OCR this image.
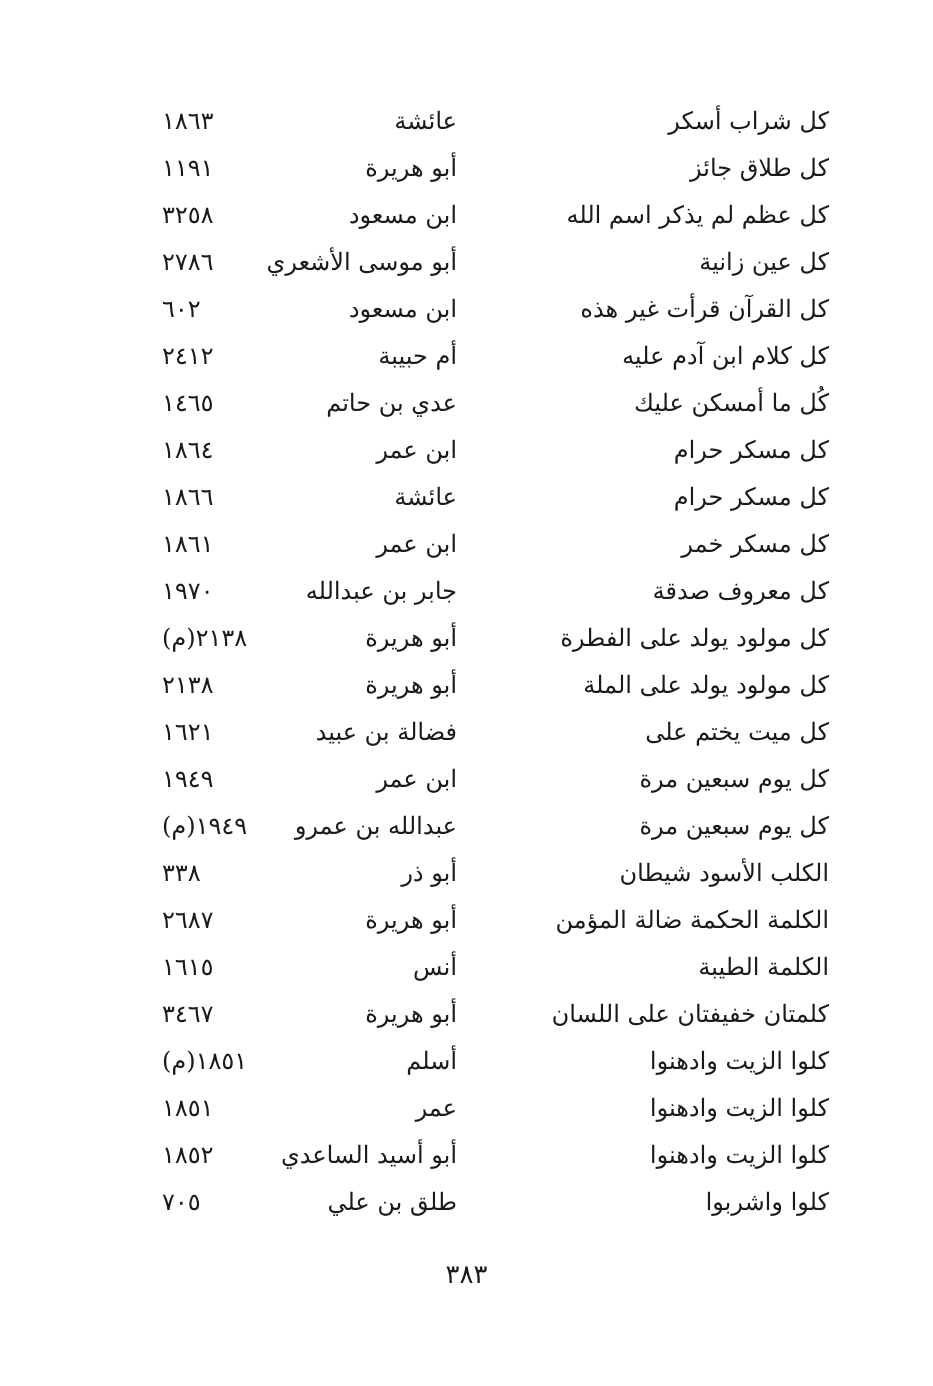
كل شراب أسكر
عائشة
١٨٦٣
كل طلاق جائز
أبو هريرة
١١٩١
كل عظم لم يذكر اسم الله
ابن مسعود
٣٢٥٨
كل عين زانية
أبو موسى الأشعري
٢٧٨٦
كل القرآن قرأت غير هذه
ابن مسعود
٦٠٢
كل كلام ابن آدم عليه
أم حبيبة
٢٤١٢
كُل ما أمسكن عليك
عدي بن حاتم
١٤٦٥
كل مسكر حرام
ابن عمر
١٨٦٤
كل مسكر حرام
عائشة
١٨٦٦
كل مسكر خمر
ابن عمر
١٨٦١
كل معروف صدقة
جابر بن عبدالله
١٩٧٠
كل مولود يولد على الفطرة
أبو هريرة
٢١٣٨(م)
كل مولود يولد على الملة
أبو هريرة
٢١٣٨
كل ميت يختم على
فضالة بن عبيد
١٦٢١
كل يوم سبعين مرة
ابن عمر
١٩٤٩
كل يوم سبعين مرة
عبدالله بن عمرو
١٩٤٩(م)
الكلب الأسود شيطان
أبو ذر
٣٣٨
الكلمة الحكمة ضالة المؤمن
أبو هريرة
٢٦٨٧
الكلمة الطيبة
أنس
١٦١٥
كلمتان خفيفتان على اللسان
أبو هريرة
٣٤٦٧
كلوا الزيت وادهنوا
أسلم
١٨٥١(م)
كلوا الزيت وادهنوا
عمر
١٨٥١
كلوا الزيت وادهنوا
أبو أسيد الساعدي
١٨٥٢
كلوا واشربوا
طلق بن علي
٧٠٥
٣٨٣
